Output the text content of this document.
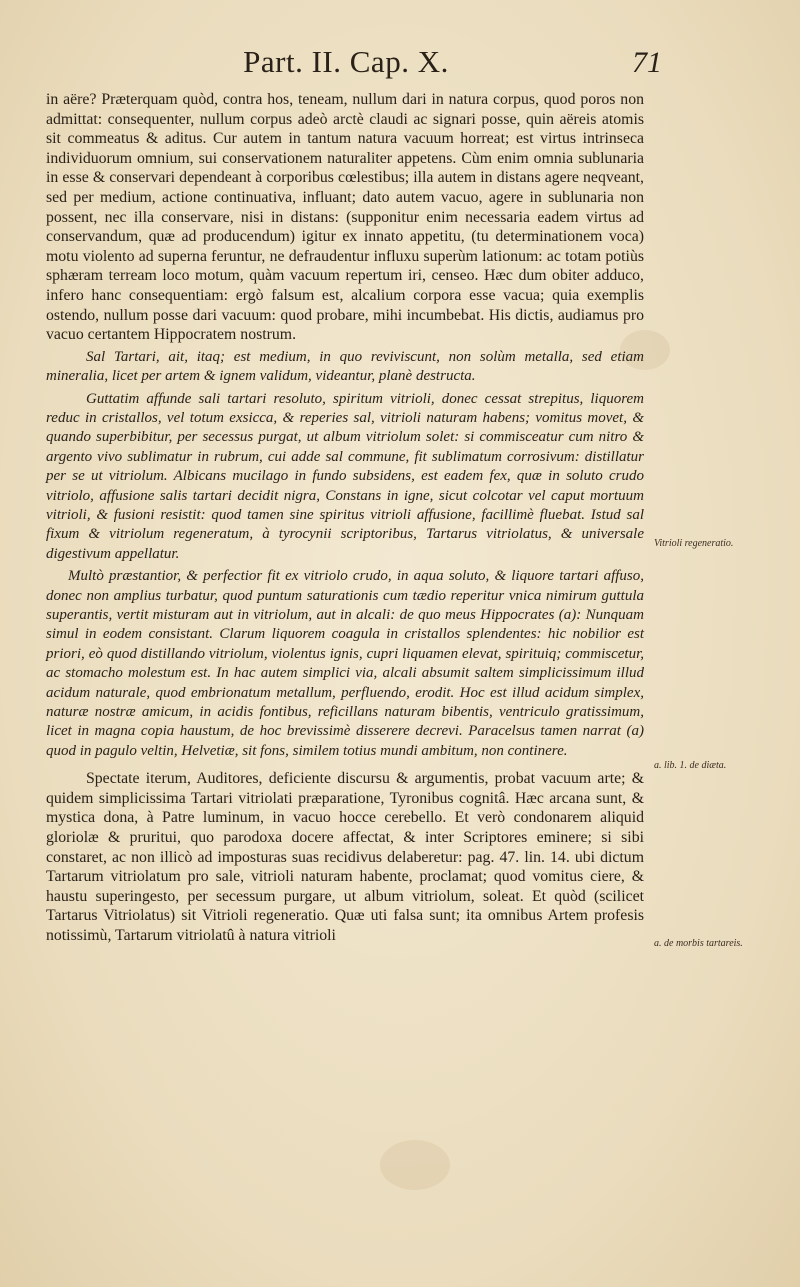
Part. II. Cap. X.	71

in aëre? Præterquam quòd, contra hos, teneam, nullum dari in natura corpus, quod poros non admittat: consequenter, nullum corpus adeò arctè claudi ac signari posse, quin aëreis atomis sit commeatus & aditus. Cur autem in tantum natura vacuum horreat; est virtus intrinseca individuorum omnium, sui conservationem naturaliter appetens. Cùm enim omnia sublunaria in esse & conservari dependeant à corporibus cœlestibus; illa autem in distans agere neqveant, sed per medium, actione continuativa, influant; dato autem vacuo, agere in sublunaria non possent, nec illa conservare, nisi in distans: (supponitur enim necessaria eadem virtus ad conservandum, quæ ad producendum) igitur ex innato appetitu, (tu determinationem voca) motu violento ad superna feruntur, ne defraudentur influxu superùm lationum: ac totam potiùs sphæram terream loco motum, quàm vacuum repertum iri, censeo. Hæc dum obiter adduco, infero hanc consequentiam: ergò falsum est, alcalium corpora esse vacua; quia exemplis ostendo, nullum posse dari vacuum: quod probare, mihi incumbebat. His dictis, audiamus pro vacuo certantem Hippocratem nostrum.

Sal Tartari, ait, itaq; est medium, in quo reviviscunt, non solùm metalla, sed etiam mineralia, licet per artem & ignem validum, videantur, planè destructa.

Guttatim affunde sali tartari resoluto, spiritum vitrioli, donec cessat strepitus, liquorem reduc in cristallos, vel totum exsicca, & reperies sal, vitrioli naturam habens; vomitus movet, & quando superbibitur, per secessus purgat, ut album vitriolum solet: si commisceatur cum nitro & argento vivo sublimatur in rubrum, cui adde sal commune, fit sublimatum corrosivum: distillatur per se ut vitriolum. Albicans mucilago in fundo subsidens, est eadem fex, quæ in soluto crudo vitriolo, affusione salis tartari decidit nigra, Constans in igne, sicut colcotar vel caput mortuum vitrioli, & fusioni resistit: quod tamen sine spiritus vitrioli affusione, facillimè fluebat. Istud sal fixum & vitriolum regeneratum, à tyrocynii scriptoribus, Tartarus vitriolatus, & universale digestivum appellatur.

Multò præstantior, & perfectior fit ex vitriolo crudo, in aqua soluto, & liquore tartari affuso, donec non amplius turbatur, quod puntum saturationis cum tædio reperitur vnica nimirum guttula superantis, vertit misturam aut in vitriolum, aut in alcali: de quo meus Hippocrates (a): Nunquam simul in eodem consistant. Clarum liquorem coagula in cristallos splendentes: hic nobilior est priori, eò quod distillando vitriolum, violentus ignis, cupri liquamen elevat, spirituiq; commiscetur, ac stomacho molestum est. In hac autem simplici via, alcali absumit saltem simplicissimum illud acidum naturale, quod embrionatum metallum, perfluendo, erodit. Hoc est illud acidum simplex, naturæ nostræ amicum, in acidis fontibus, reficillans naturam bibentis, ventriculo gratissimum, licet in magna copia haustum, de hoc brevissimè disserere decrevi. Paracelsus tamen narrat (a) quod in pagulo veltin, Helvetiæ, sit fons, similem totius mundi ambitum, non continere.

Spectate iterum, Auditores, deficiente discursu & argumentis, probat vacuum arte; & quidem simplicissima Tartari vitriolati præparatione, Tyronibus cognitâ. Hæc arcana sunt, & mystica dona, à Patre luminum, in vacuo hocce cerebello. Et verò condonarem aliquid gloriolæ & pruritui, quo parodoxa docere affectat, & inter Scriptores eminere; si sibi constaret, ac non illicò ad imposturas suas recidivus delaberetur: pag. 47. lin. 14. ubi dictum Tartarum vitriolatum pro sale, vitrioli naturam habente, proclamat; quod vomitus ciere, & haustu superingesto, per secessum purgare, ut album vitriolum, soleat. Et quòd (scilicet Tartarus Vitriolatus) sit Vitrioli regeneratio. Quæ uti falsa sunt; ita omnibus Artem profesis notissimù, Tartarum vitriolatû à natura vitrioli

Vitrioli regeneratio.
a. lib. 1. de diæta.
a. de morbis tartareis.
